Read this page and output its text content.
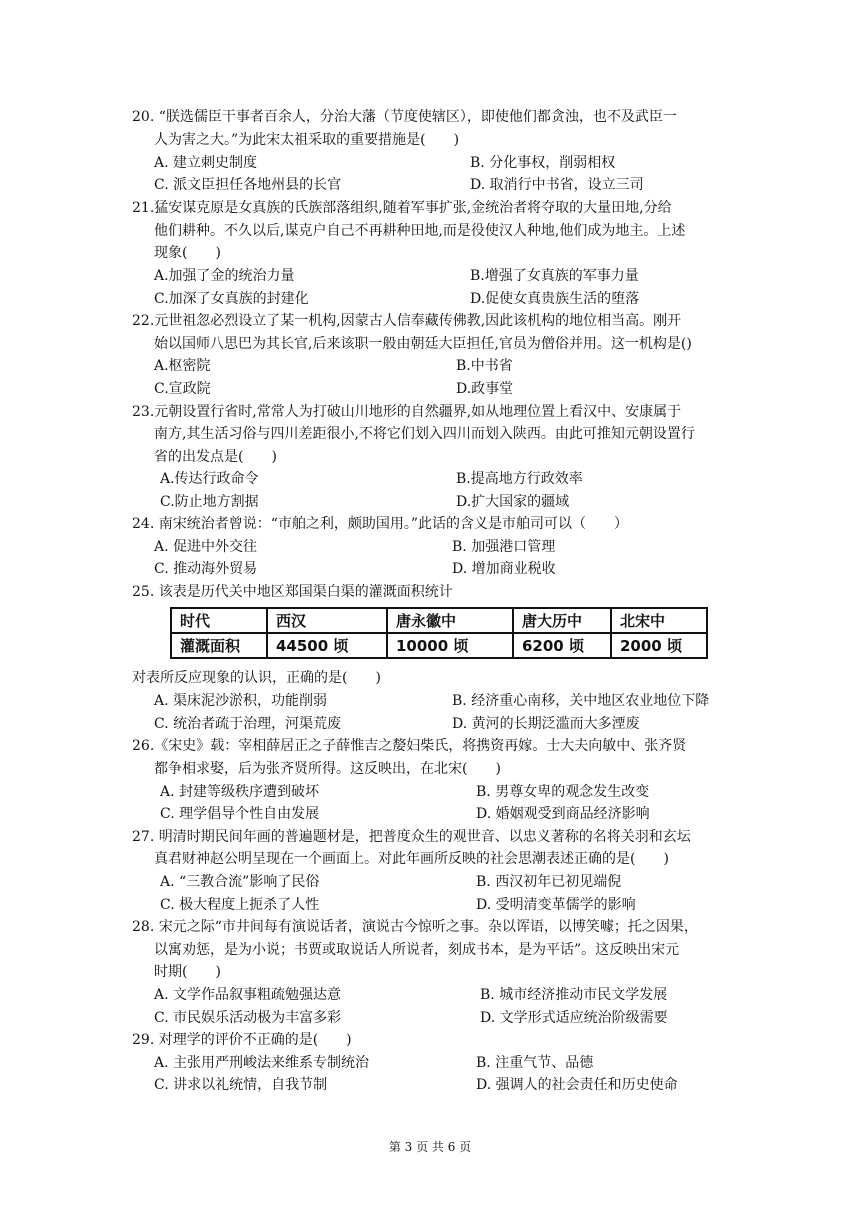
20. “朕选儒臣干事者百余人，分治大藩（节度使辖区），即使他们都贪浊，也不及武臣一
人为害之大。”为此宋太祖采取的重要措施是(　　)
A. 建立刺史制度	B. 分化事权，削弱相权
C. 派文臣担任各地州县的长官	D. 取消行中书省，设立三司
21.猛安谋克原是女真族的氏族部落组织,随着军事扩张,金统治者将夺取的大量田地,分给
他们耕种。不久以后,谋克户自己不再耕种田地,而是役使汉人种地,他们成为地主。上述
现象(　　)
A.加强了金的统治力量	B.增强了女真族的军事力量
C.加深了女真族的封建化	D.促使女真贵族生活的堕落
22.元世祖忽必烈设立了某一机构,因蒙古人信奉藏传佛教,因此该机构的地位相当高。刚开
始以国师八思巴为其长官,后来该职一般由朝廷大臣担任,官员为僧俗并用。这一机构是()
A.枢密院	B.中书省
C.宣政院	D.政事堂
23.元朝设置行省时,常常人为打破山川地形的自然疆界,如从地理位置上看汉中、安康属于
南方,其生活习俗与四川差距很小,不将它们划入四川而划入陕西。由此可推知元朝设置行
省的出发点是(　　)
A.传达行政命令	B.提高地方行政效率
C.防止地方割据	D.扩大国家的疆域
24. 南宋统治者曾说：“市舶之利，颇助国用。”此话的含义是市舶司可以（　　）
A. 促进中外交往	B. 加强港口管理
C. 推动海外贸易	D. 增加商业税收
25. 该表是历代关中地区郑国渠白渠的灌溉面积统计
时代	西汉	唐永徽中	唐大历中	北宋中
灌溉面积	44500 顷	10000 顷	6200 顷	2000 顷
对表所反应现象的认识，正确的是(　　)
A. 渠床泥沙淤积，功能削弱	B. 经济重心南移，关中地区农业地位下降
C. 统治者疏于治理，河渠荒废	D. 黄河的长期泛滥而大多湮废
26.《宋史》载：宰相薛居正之子薛惟吉之嫠妇柴氏，将携资再嫁。士大夫向敏中、张齐贤
都争相求娶，后为张齐贤所得。这反映出，在北宋(　　)
A. 封建等级秩序遭到破坏	B. 男尊女卑的观念发生改变
C. 理学倡导个性自由发展	D. 婚姻观受到商品经济影响
27. 明清时期民间年画的普遍题材是，把普度众生的观世音、以忠义著称的名将关羽和玄坛
真君财神赵公明呈现在一个画面上。对此年画所反映的社会思潮表述正确的是(　　)
A. “三教合流”影响了民俗	B. 西汉初年已初见端倪
C. 极大程度上扼杀了人性	D. 受明清变革儒学的影响
28. 宋元之际“市井间每有演说话者，演说古今惊听之事。杂以诨语，以博笑噱；托之因果，
以寓劝惩，是为小说；书贾或取说话人所说者，刻成书本，是为平话”。这反映出宋元
时期(　　)
A. 文学作品叙事粗疏勉强达意	B. 城市经济推动市民文学发展
C. 市民娱乐活动极为丰富多彩	D. 文学形式适应统治阶级需要
29. 对理学的评价不正确的是(　　)
A. 主张用严刑峻法来维系专制统治	B. 注重气节、品德
C. 讲求以礼统情，自我节制	D. 强调人的社会责任和历史使命
第 3 页 共 6 页
